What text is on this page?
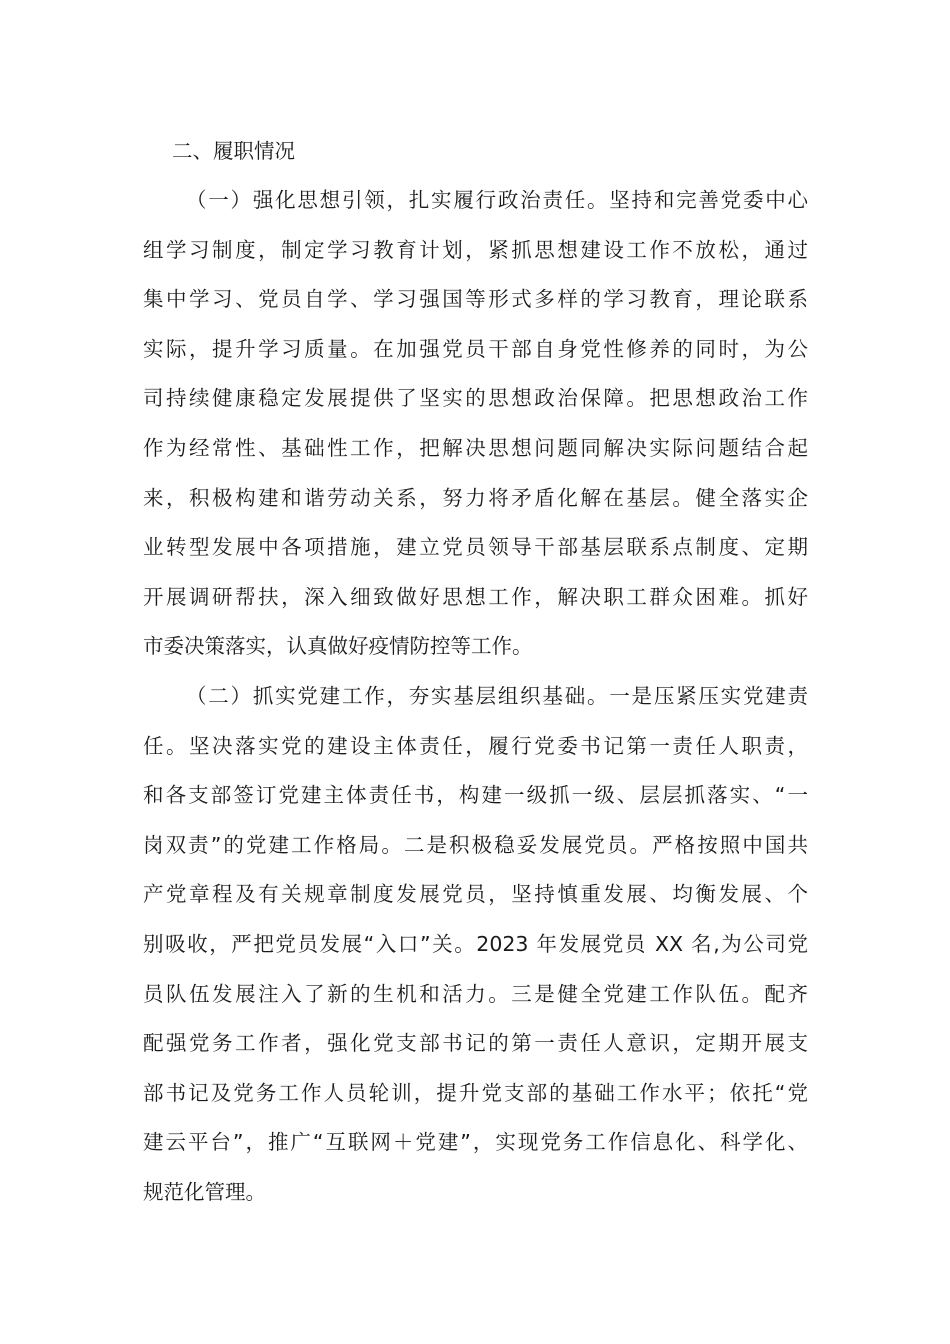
二、履职情况
（一）强化思想引领，扎实履行政治责任。坚持和完善党委中心
组学习制度，制定学习教育计划，紧抓思想建设工作不放松，通过
集中学习、党员自学、学习强国等形式多样的学习教育，理论联系
实际，提升学习质量。在加强党员干部自身党性修养的同时，为公
司持续健康稳定发展提供了坚实的思想政治保障。把思想政治工作
作为经常性、基础性工作，把解决思想问题同解决实际问题结合起
来，积极构建和谐劳动关系，努力将矛盾化解在基层。健全落实企
业转型发展中各项措施，建立党员领导干部基层联系点制度、定期
开展调研帮扶，深入细致做好思想工作，解决职工群众困难。抓好
市委决策落实，认真做好疫情防控等工作。
（二）抓实党建工作，夯实基层组织基础。一是压紧压实党建责
任。坚决落实党的建设主体责任，履行党委书记第一责任人职责，
和各支部签订党建主体责任书，构建一级抓一级、层层抓落实、“一
岗双责”的党建工作格局。二是积极稳妥发展党员。严格按照中国共
产党章程及有关规章制度发展党员，坚持慎重发展、均衡发展、个
别吸收，严把党员发展“入口”关。2023 年发展党员 XX 名,为公司党
员队伍发展注入了新的生机和活力。三是健全党建工作队伍。配齐
配强党务工作者，强化党支部书记的第一责任人意识，定期开展支
部书记及党务工作人员轮训，提升党支部的基础工作水平；依托“党
建云平台”，推广“互联网＋党建”，实现党务工作信息化、科学化、
规范化管理。
